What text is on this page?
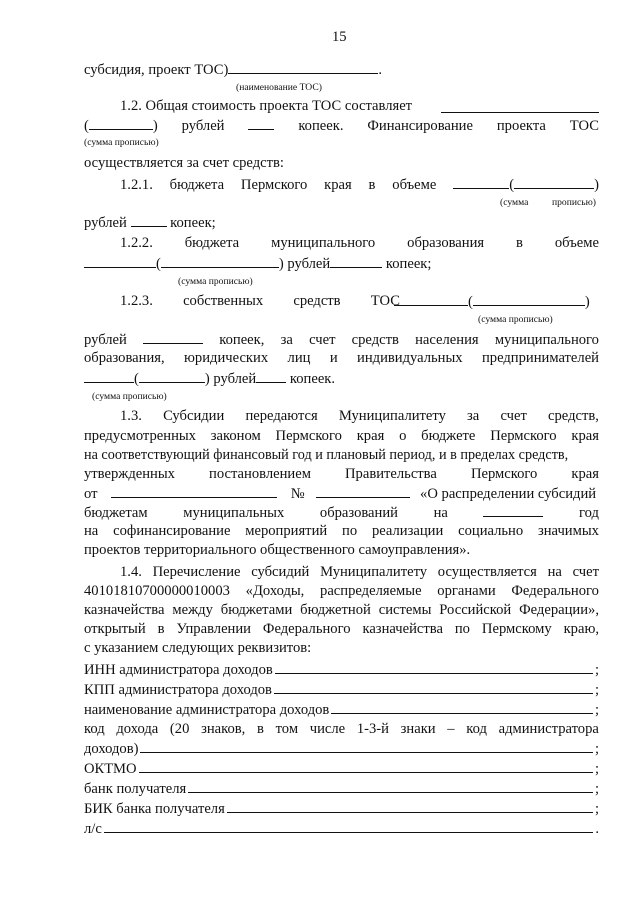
15
субсидия, проект ТОС)	.
(наименование ТОС)
1.2. Общая стоимость проекта ТОС составляет
(	) рублей	копеек. Финансирование проекта ТОС
(сумма прописью)
осуществляется за счет средств:
1.2.1. бюджета Пермского края в объеме	(	)
(сумма прописью)
рублей	копеек;
1.2.2. бюджета муниципального образования в объеме
(	) рублей	копеек;
(сумма прописью)
1.2.3. собственных средств ТОС	(	)
(сумма прописью)
рублей	копеек, за счет средств населения муниципального
образования, юридических лиц и индивидуальных предпринимателей
(	) рублей копеек.
(сумма прописью)
1.3. Субсидии передаются Муниципалитету за счет средств,
предусмотренных законом Пермского края о бюджете Пермского края
на соответствующий финансовый год и плановый период, и в пределах средств,
утвержденных постановлением Правительства Пермского края
от	№	«О распределении субсидий
бюджетам муниципальных образований на	год
на софинансирование мероприятий по реализации социально значимых
проектов территориального общественного самоуправления».
1.4. Перечисление субсидий Муниципалитету осуществляется на счет
40101810700000010003 «Доходы, распределяемые органами Федерального
казначейства между бюджетами бюджетной системы Российской Федерации»,
открытый в Управлении Федерального казначейства по Пермскому краю,
с указанием следующих реквизитов:
ИНН администратора доходов	;
КПП администратора доходов	;
наименование администратора доходов	;
код дохода (20 знаков, в том числе 1-3-й знаки – код администратора
доходов)	;
ОКТМО	;
банк получателя	;
БИК банка получателя	;
л/с	.
